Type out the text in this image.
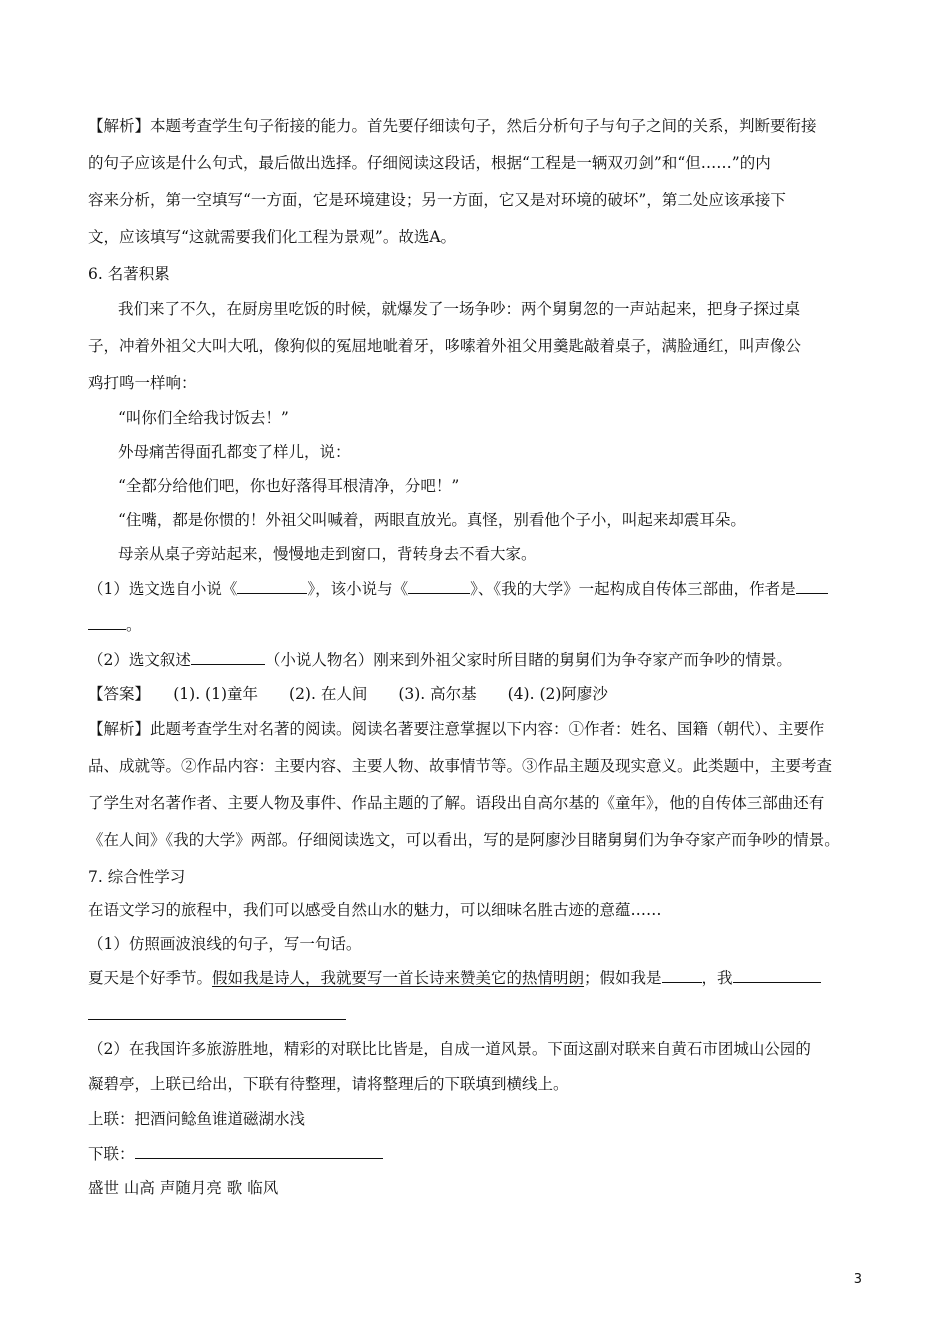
【解析】本题考查学生句子衔接的能力。首先要仔细读句子，然后分析句子与句子之间的关系，判断要衔接
的句子应该是什么句式，最后做出选择。仔细阅读这段话，根据“工程是一辆双刃剑”和“但……”的内
容来分析，第一空填写“一方面，它是环境建设；另一方面，它又是对环境的破坏”，第二处应该承接下
文，应该填写“这就需要我们化工程为景观”。故选A。
6. 名著积累
我们来了不久，在厨房里吃饭的时候，就爆发了一场争吵：两个舅舅忽的一声站起来，把身子探过桌
子，冲着外祖父大叫大吼，像狗似的冤屈地呲着牙，哆嗦着外祖父用羹匙敲着桌子，满脸通红，叫声像公
鸡打鸣一样响：
“叫你们全给我讨饭去！”
外母痛苦得面孔都变了样儿，说：
“全都分给他们吧，你也好落得耳根清净，分吧！”
“住嘴，都是你惯的！外祖父叫喊着，两眼直放光。真怪，别看他个子小，叫起来却震耳朵。
母亲从桌子旁站起来，慢慢地走到窗口，背转身去不看大家。
（1）选文选自小说《	》，该小说与《	》、《我的大学》一起构成自传体三部曲，作者是
。
（2）选文叙述	（小说人物名）刚来到外祖父家时所目睹的舅舅们为争夺家产而争吵的情景。
【答案】　　(1). (1)童年　　(2). 在人间　　(3). 高尔基　　(4). (2)阿廖沙
【解析】此题考查学生对名著的阅读。阅读名著要注意掌握以下内容：①作者：姓名、国籍（朝代）、主要作
品、成就等。②作品内容：主要内容、主要人物、故事情节等。③作品主题及现实意义。此类题中，主要考查
了学生对名著作者、主要人物及事件、作品主题的了解。语段出自高尔基的《童年》，他的自传体三部曲还有
《在人间》《我的大学》两部。仔细阅读选文，可以看出，写的是阿廖沙目睹舅舅们为争夺家产而争吵的情景。
7. 综合性学习
在语文学习的旅程中，我们可以感受自然山水的魅力，可以细味名胜古迹的意蕴……
（1）仿照画波浪线的句子，写一句话。
夏天是个好季节。假如我是诗人，我就要写一首长诗来赞美它的热情明朗；假如我是	，我
（2）在我国许多旅游胜地，精彩的对联比比皆是，自成一道风景。下面这副对联来自黄石市团城山公园的
凝碧亭，上联已给出，下联有待整理，请将整理后的下联填到横线上。
上联：把酒问鲶鱼谁道磁湖水浅
下联：
盛世 山高 声随月亮 歌 临风
3
